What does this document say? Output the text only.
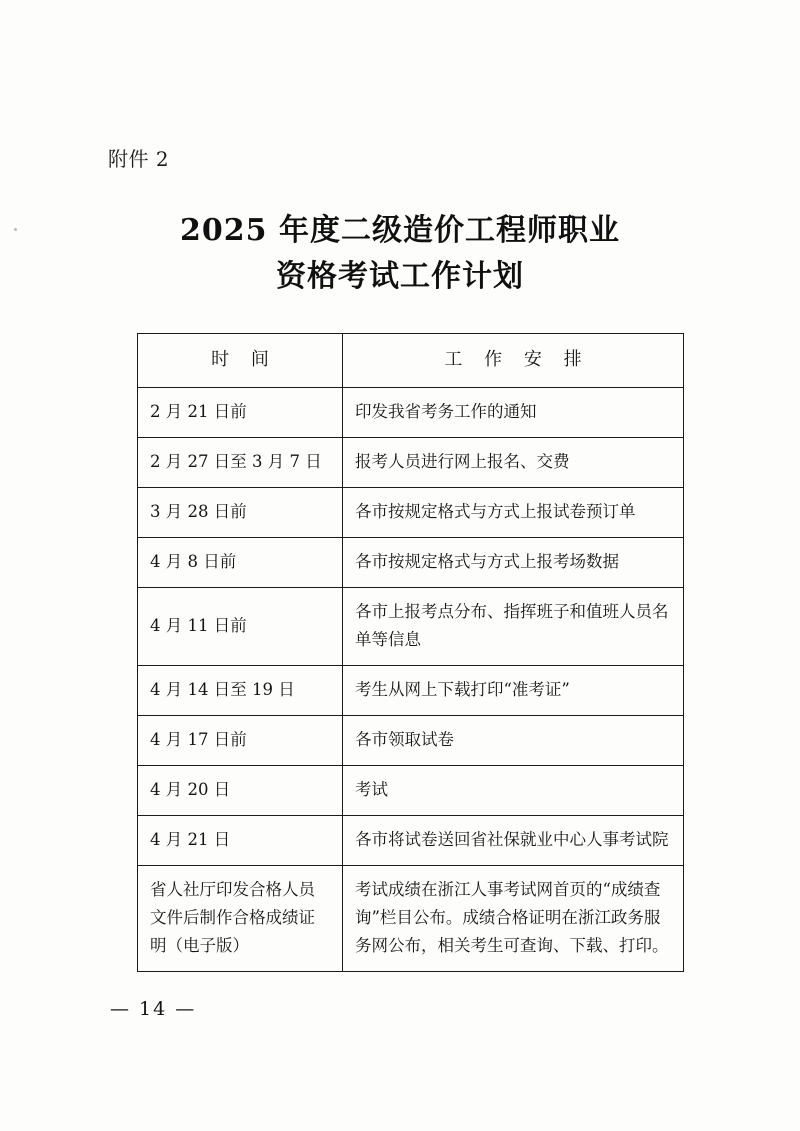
附件 2
2025 年度二级造价工程师职业
资格考试工作计划
时 间	工 作 安 排
2 月 21 日前	印发我省考务工作的通知
2 月 27 日至 3 月 7 日	报考人员进行网上报名、交费
3 月 28 日前	各市按规定格式与方式上报试卷预订单
4 月 8 日前	各市按规定格式与方式上报考场数据
4 月 11 日前	各市上报考点分布、指挥班子和值班人员名单等信息
4 月 14 日至 19 日	考生从网上下载打印“准考证”
4 月 17 日前	各市领取试卷
4 月 20 日	考试
4 月 21 日	各市将试卷送回省社保就业中心人事考试院
省人社厅印发合格人员文件后制作合格成绩证明（电子版）	考试成绩在浙江人事考试网首页的“成绩查询”栏目公布。成绩合格证明在浙江政务服务网公布，相关考生可查询、下载、打印。
— 14 —
